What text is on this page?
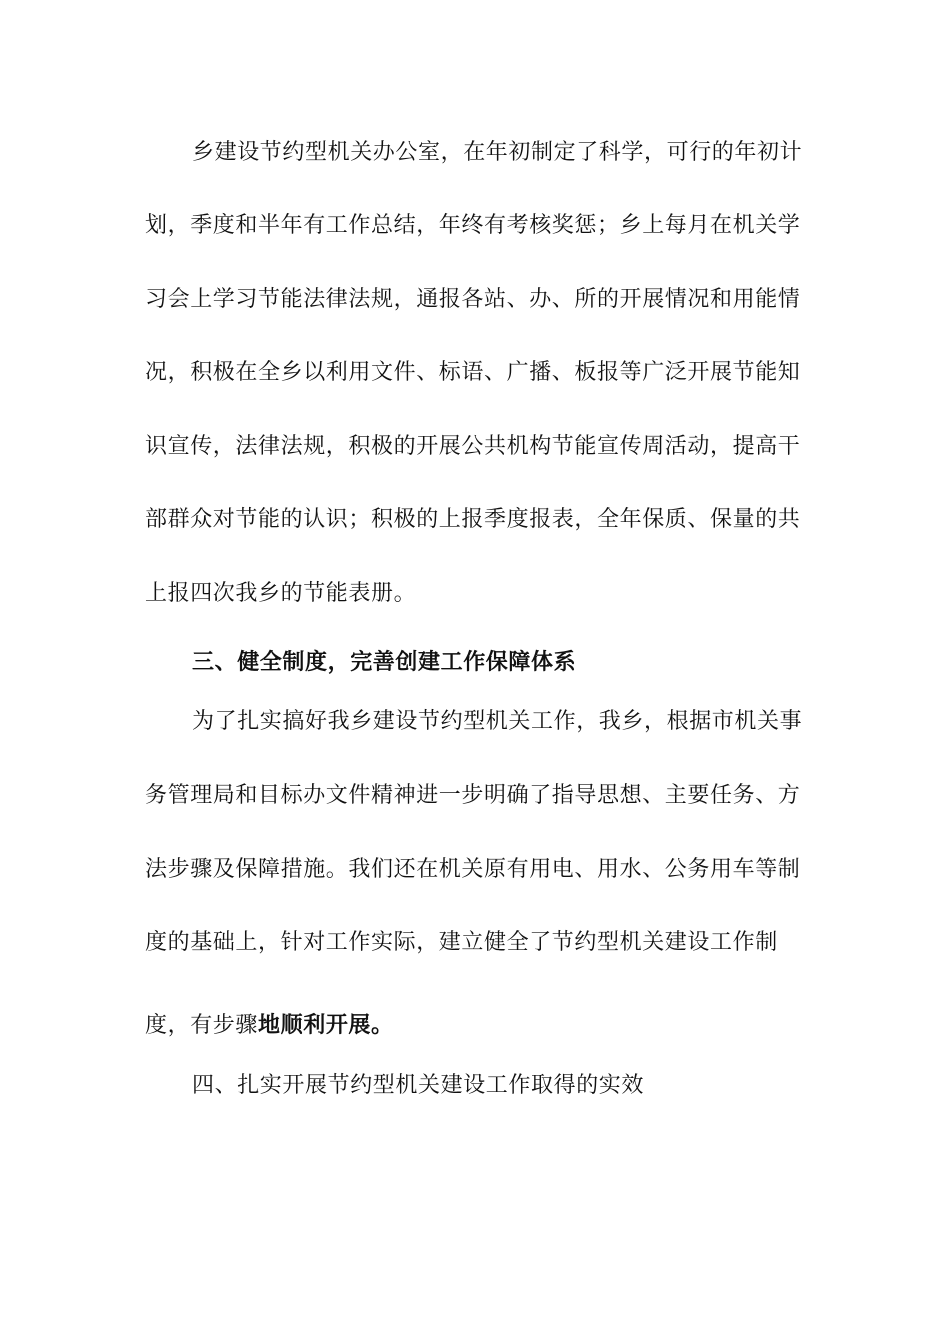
乡建设节约型机关办公室，在年初制定了科学，可行的年初计
划，季度和半年有工作总结，年终有考核奖惩；乡上每月在机关学
习会上学习节能法律法规，通报各站、办、所的开展情况和用能情
况，积极在全乡以利用文件、标语、广播、板报等广泛开展节能知
识宣传，法律法规，积极的开展公共机构节能宣传周活动，提高干
部群众对节能的认识；积极的上报季度报表，全年保质、保量的共
上报四次我乡的节能表册。
三、健全制度，完善创建工作保障体系
为了扎实搞好我乡建设节约型机关工作，我乡，根据市机关事
务管理局和目标办文件精神进一步明确了指导思想、主要任务、方
法步骤及保障措施。我们还在机关原有用电、用水、公务用车等制
度的基础上，针对工作实际，建立健全了节约型机关建设工作制
度，有步骤地顺利开展。
四、扎实开展节约型机关建设工作取得的实效
